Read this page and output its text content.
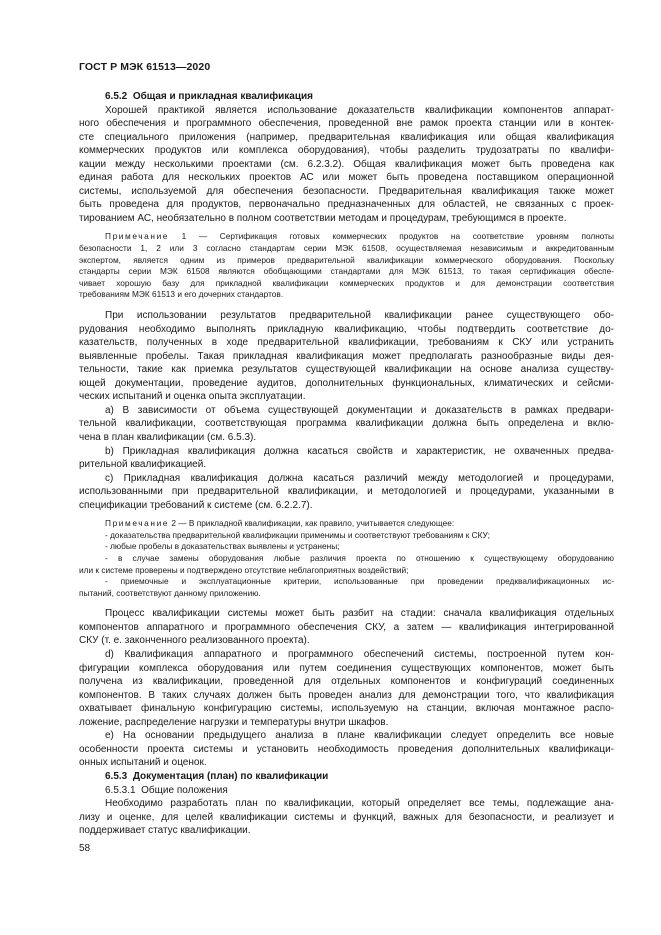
ГОСТ Р МЭК 61513—2020
6.5.2 Общая и прикладная квалификация
Хорошей практикой является использование доказательств квалификации компонентов аппарат-
ного обеспечения и программного обеспечения, проведенной вне рамок проекта станции или в контек-
сте специального приложения (например, предварительная квалификация или общая квалификация
коммерческих продуктов или комплекса оборудования), чтобы разделить трудозатраты по квалифи-
кации между несколькими проектами (см. 6.2.3.2). Общая квалификация может быть проведена как
единая работа для нескольких проектов АС или может быть проведена поставщиком операционной
системы, используемой для обеспечения безопасности. Предварительная квалификация также может
быть проведена для продуктов, первоначально предназначенных для областей, не связанных с проек-
тированием АС, необязательно в полном соответствии методам и процедурам, требующимся в проекте.
Примечание 1 — Сертификация готовых коммерческих продуктов на соответствие уровням полноты
безопасности 1, 2 или 3 согласно стандартам серии МЭК 61508, осуществляемая независимым и аккредитованным
экспертом, является одним из примеров предварительной квалификации коммерческого оборудования. Поскольку
стандарты серии МЭК 61508 являются обобщающими стандартами для МЭК 61513, то такая сертификация обеспе-
чивает хорошую базу для прикладной квалификации коммерческих продуктов и для демонстрации соответствия
требованиям МЭК 61513 и его дочерних стандартов.
При использовании результатов предварительной квалификации ранее существующего обо-
рудования необходимо выполнять прикладную квалификацию, чтобы подтвердить соответствие до-
казательств, полученных в ходе предварительной квалификации, требованиям к СКУ или устранить
выявленные пробелы. Такая прикладная квалификация может предполагать разнообразные виды дея-
тельности, такие как приемка результатов существующей квалификации на основе анализа существу-
ющей документации, проведение аудитов, дополнительных функциональных, климатических и сейсми-
ческих испытаний и оценка опыта эксплуатации.
а) В зависимости от объема существующей документации и доказательств в рамках предвари-
тельной квалификации, соответствующая программа квалификации должна быть определена и вклю-
чена в план квалификации (см. 6.5.3).
b) Прикладная квалификация должна касаться свойств и характеристик, не охваченных предва-
рительной квалификацией.
с) Прикладная квалификация должна касаться различий между методологией и процедурами,
использованными при предварительной квалификации, и методологией и процедурами, указанными в
спецификации требований к системе (см. 6.2.2.7).
Примечание 2 — В прикладной квалификации, как правило, учитывается следующее:
- доказательства предварительной квалификации применимы и соответствуют требованиям к СКУ;
- любые пробелы в доказательствах выявлены и устранены;
- в случае замены оборудования любые различия проекта по отношению к существующему оборудованию
или к системе проверены и подтверждено отсутствие неблагоприятных воздействий;
- приемочные и эксплуатационные критерии, использованные при проведении предквалификационных ис-
пытаний, соответствуют данному приложению.
Процесс квалификации системы может быть разбит на стадии: сначала квалификация отдельных
компонентов аппаратного и программного обеспечения СКУ, а затем — квалификация интегрированной
СКУ (т. е. законченного реализованного проекта).
d) Квалификация аппаратного и программного обеспечений системы, построенной путем кон-
фигурации комплекса оборудования или путем соединения существующих компонентов, может быть
получена из квалификации, проведенной для отдельных компонентов и конфигураций соединенных
компонентов. В таких случаях должен быть проведен анализ для демонстрации того, что квалификация
охватывает финальную конфигурацию системы, используемую на станции, включая монтажное распо-
ложение, распределение нагрузки и температуры внутри шкафов.
e) На основании предыдущего анализа в плане квалификации следует определить все новые
особенности проекта системы и установить необходимость проведения дополнительных квалификаци-
онных испытаний и оценок.
6.5.3 Документация (план) по квалификации
6.5.3.1 Общие положения
Необходимо разработать план по квалификации, который определяет все темы, подлежащие ана-
лизу и оценке, для целей квалификации системы и функций, важных для безопасности, и реализует и
поддерживает статус квалификации.
58
